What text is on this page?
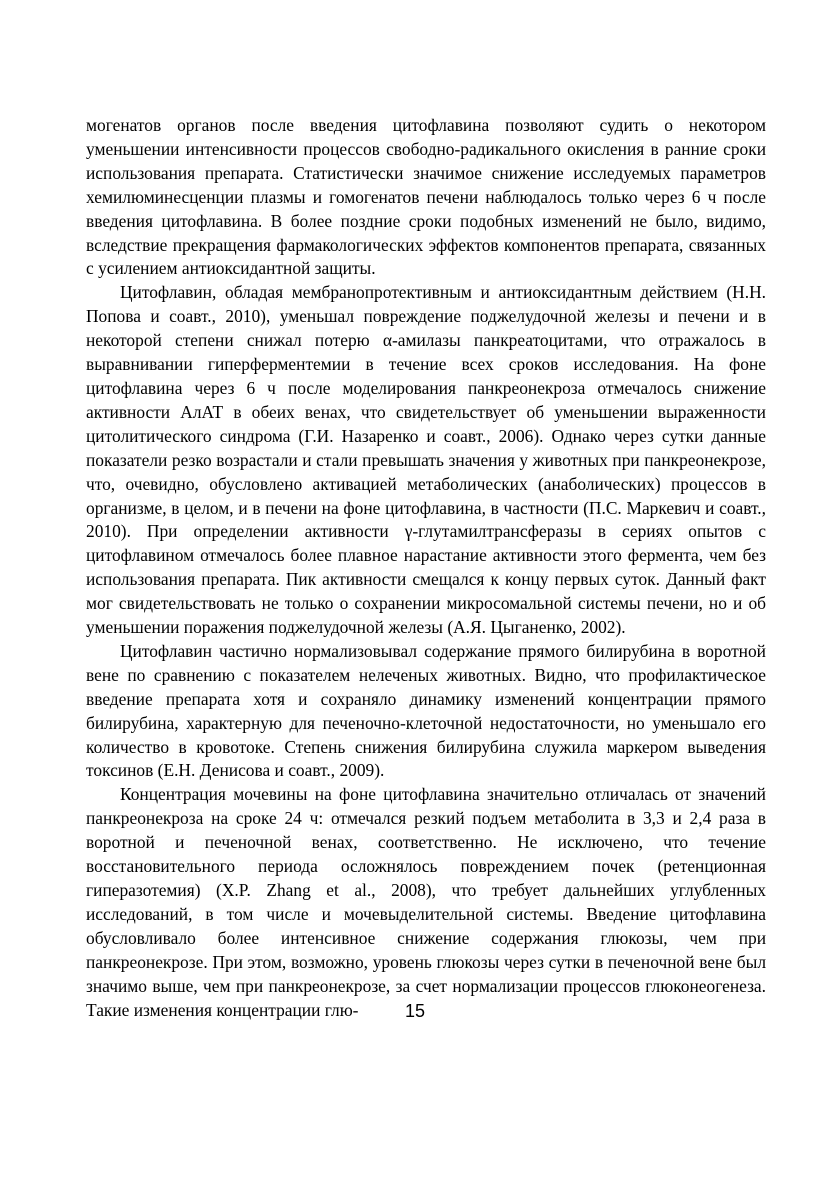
могенатов органов после введения цитофлавина позволяют судить о некотором уменьшении интенсивности процессов свободно-радикального окисления в ранние сроки использования препарата. Статистически значимое снижение исследуемых параметров хемилюминесценции плазмы и гомогенатов печени наблюдалось только через 6 ч после введения цитофлавина. В более поздние сроки подобных изменений не было, видимо, вследствие прекращения фармакологических эффектов компонентов препарата, связанных с усилением антиоксидантной защиты.

Цитофлавин, обладая мембранопротективным и антиоксидантным действием (Н.Н. Попова и соавт., 2010), уменьшал повреждение поджелудочной железы и печени и в некоторой степени снижал потерю α-амилазы панкреатоцитами, что отражалось в выравнивании гиперферментемии в течение всех сроков исследования. На фоне цитофлавина через 6 ч после моделирования панкреонекроза отмечалось снижение активности АлАТ в обеих венах, что свидетельствует об уменьшении выраженности цитолитического синдрома (Г.И. Назаренко и соавт., 2006). Однако через сутки данные показатели резко возрастали и стали превышать значения у животных при панкреонекрозе, что, очевидно, обусловлено активацией метаболических (анаболических) процессов в организме, в целом, и в печени на фоне цитофлавина, в частности (П.С. Маркевич и соавт., 2010). При определении активности γ-глутамилтрансферазы в сериях опытов с цитофлавином отмечалось более плавное нарастание активности этого фермента, чем без использования препарата. Пик активности смещался к концу первых суток. Данный факт мог свидетельствовать не только о сохранении микросомальной системы печени, но и об уменьшении поражения поджелудочной железы (А.Я. Цыганенко, 2002).

Цитофлавин частично нормализовывал содержание прямого билирубина в воротной вене по сравнению с показателем нелеченых животных. Видно, что профилактическое введение препарата хотя и сохраняло динамику изменений концентрации прямого билирубина, характерную для печеночно-клеточной недостаточности, но уменьшало его количество в кровотоке. Степень снижения билирубина служила маркером выведения токсинов (Е.Н. Денисова и соавт., 2009).

Концентрация мочевины на фоне цитофлавина значительно отличалась от значений панкреонекроза на сроке 24 ч: отмечался резкий подъем метаболита в 3,3 и 2,4 раза в воротной и печеночной венах, соответственно. Не исключено, что течение восстановительного периода осложнялось повреждением почек (ретенционная гиперазотемия) (X.P. Zhang et al., 2008), что требует дальнейших углубленных исследований, в том числе и мочевыделительной системы. Введение цитофлавина обусловливало более интенсивное снижение содержания глюкозы, чем при панкреонекрозе. При этом, возможно, уровень глюкозы через сутки в печеночной вене был значимо выше, чем при панкреонекрозе, за счет нормализации процессов глюконеогенеза. Такие изменения концентрации глю-	15
